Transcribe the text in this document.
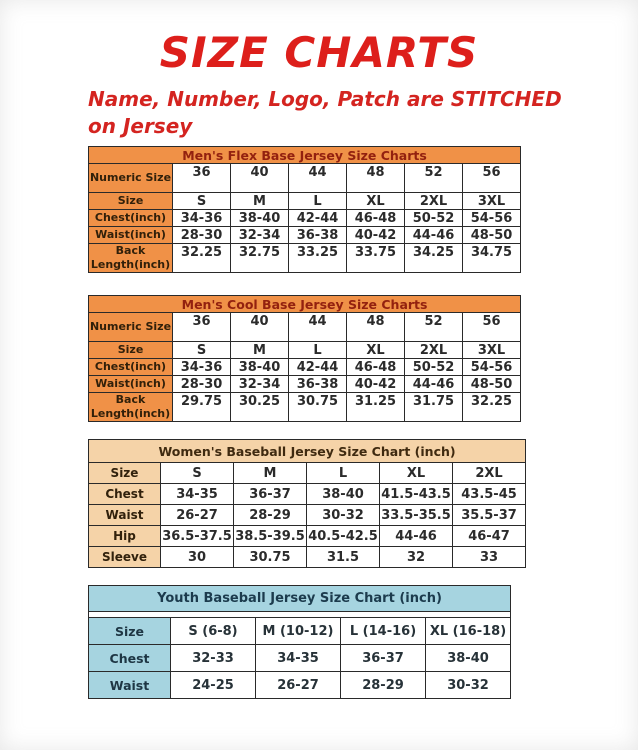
SIZE CHARTS
Name, Number, Logo, Patch are STITCHED
on Jersey
Men's Flex Base Jersey Size Charts						
Numeric Size	36	40	44	48	52	56
Size	S	M	L	XL	2XL	3XL
Chest(inch)	34-36	38-40	42-44	46-48	50-52	54-56
Waist(inch)	28-30	32-34	36-38	40-42	44-46	48-50
Back Length(inch)	32.25	32.75	33.25	33.75	34.25	34.75
Men's Cool Base Jersey Size Charts						
Numeric Size	36	40	44	48	52	56
Size	S	M	L	XL	2XL	3XL
Chest(inch)	34-36	38-40	42-44	46-48	50-52	54-56
Waist(inch)	28-30	32-34	36-38	40-42	44-46	48-50
Back Length(inch)	29.75	30.25	30.75	31.25	31.75	32.25
Women's Baseball Jersey Size Chart (inch)					
Size	S	M	L	XL	2XL
Chest	34-35	36-37	38-40	41.5-43.5	43.5-45
Waist	26-27	28-29	30-32	33.5-35.5	35.5-37
Hip	36.5-37.5	38.5-39.5	40.5-42.5	44-46	46-47
Sleeve	30	30.75	31.5	32	33
Youth Baseball Jersey Size Chart (inch)				

Size	S (6-8)	M (10-12)	L (14-16)	XL (16-18)
Chest	32-33	34-35	36-37	38-40
Waist	24-25	26-27	28-29	30-32
